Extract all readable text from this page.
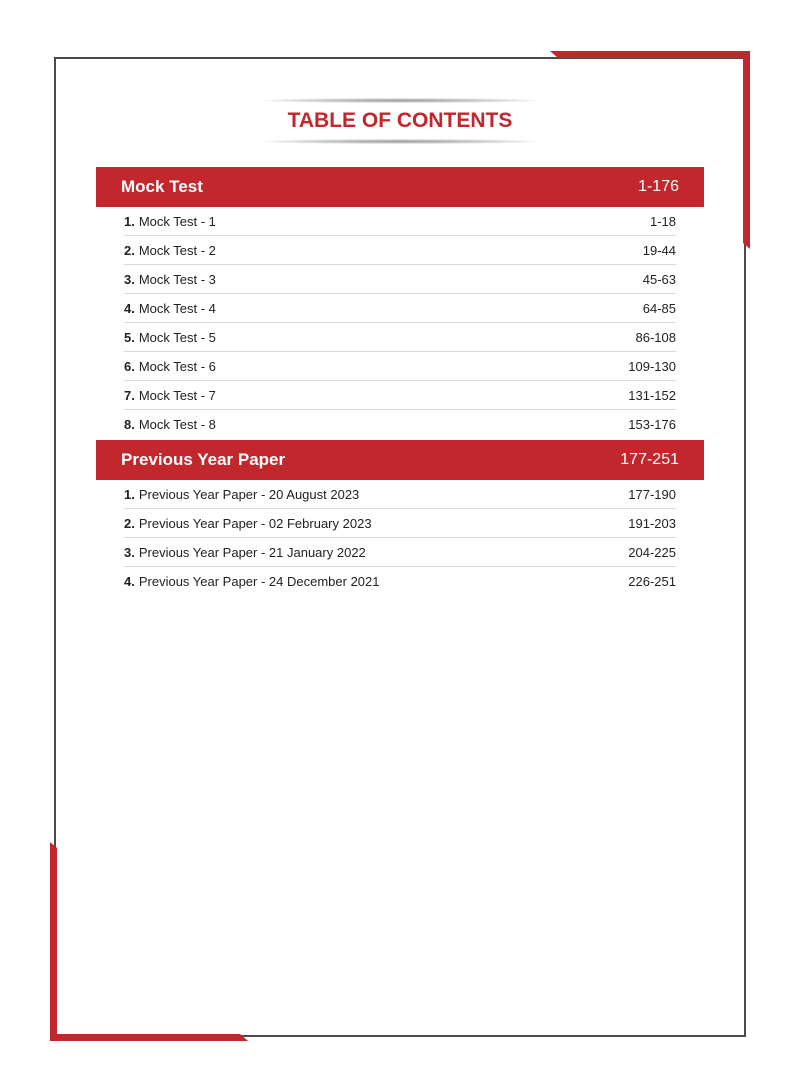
TABLE OF CONTENTS
Mock Test	1-176
1. Mock Test - 1	1-18
2. Mock Test - 2	19-44
3. Mock Test - 3	45-63
4. Mock Test - 4	64-85
5. Mock Test - 5	86-108
6. Mock Test - 6	109-130
7. Mock Test - 7	131-152
8. Mock Test - 8	153-176
Previous Year Paper	177-251
1. Previous Year Paper - 20 August 2023	177-190
2. Previous Year Paper - 02 February 2023	191-203
3. Previous Year Paper - 21 January 2022	204-225
4. Previous Year Paper - 24 December 2021	226-251
